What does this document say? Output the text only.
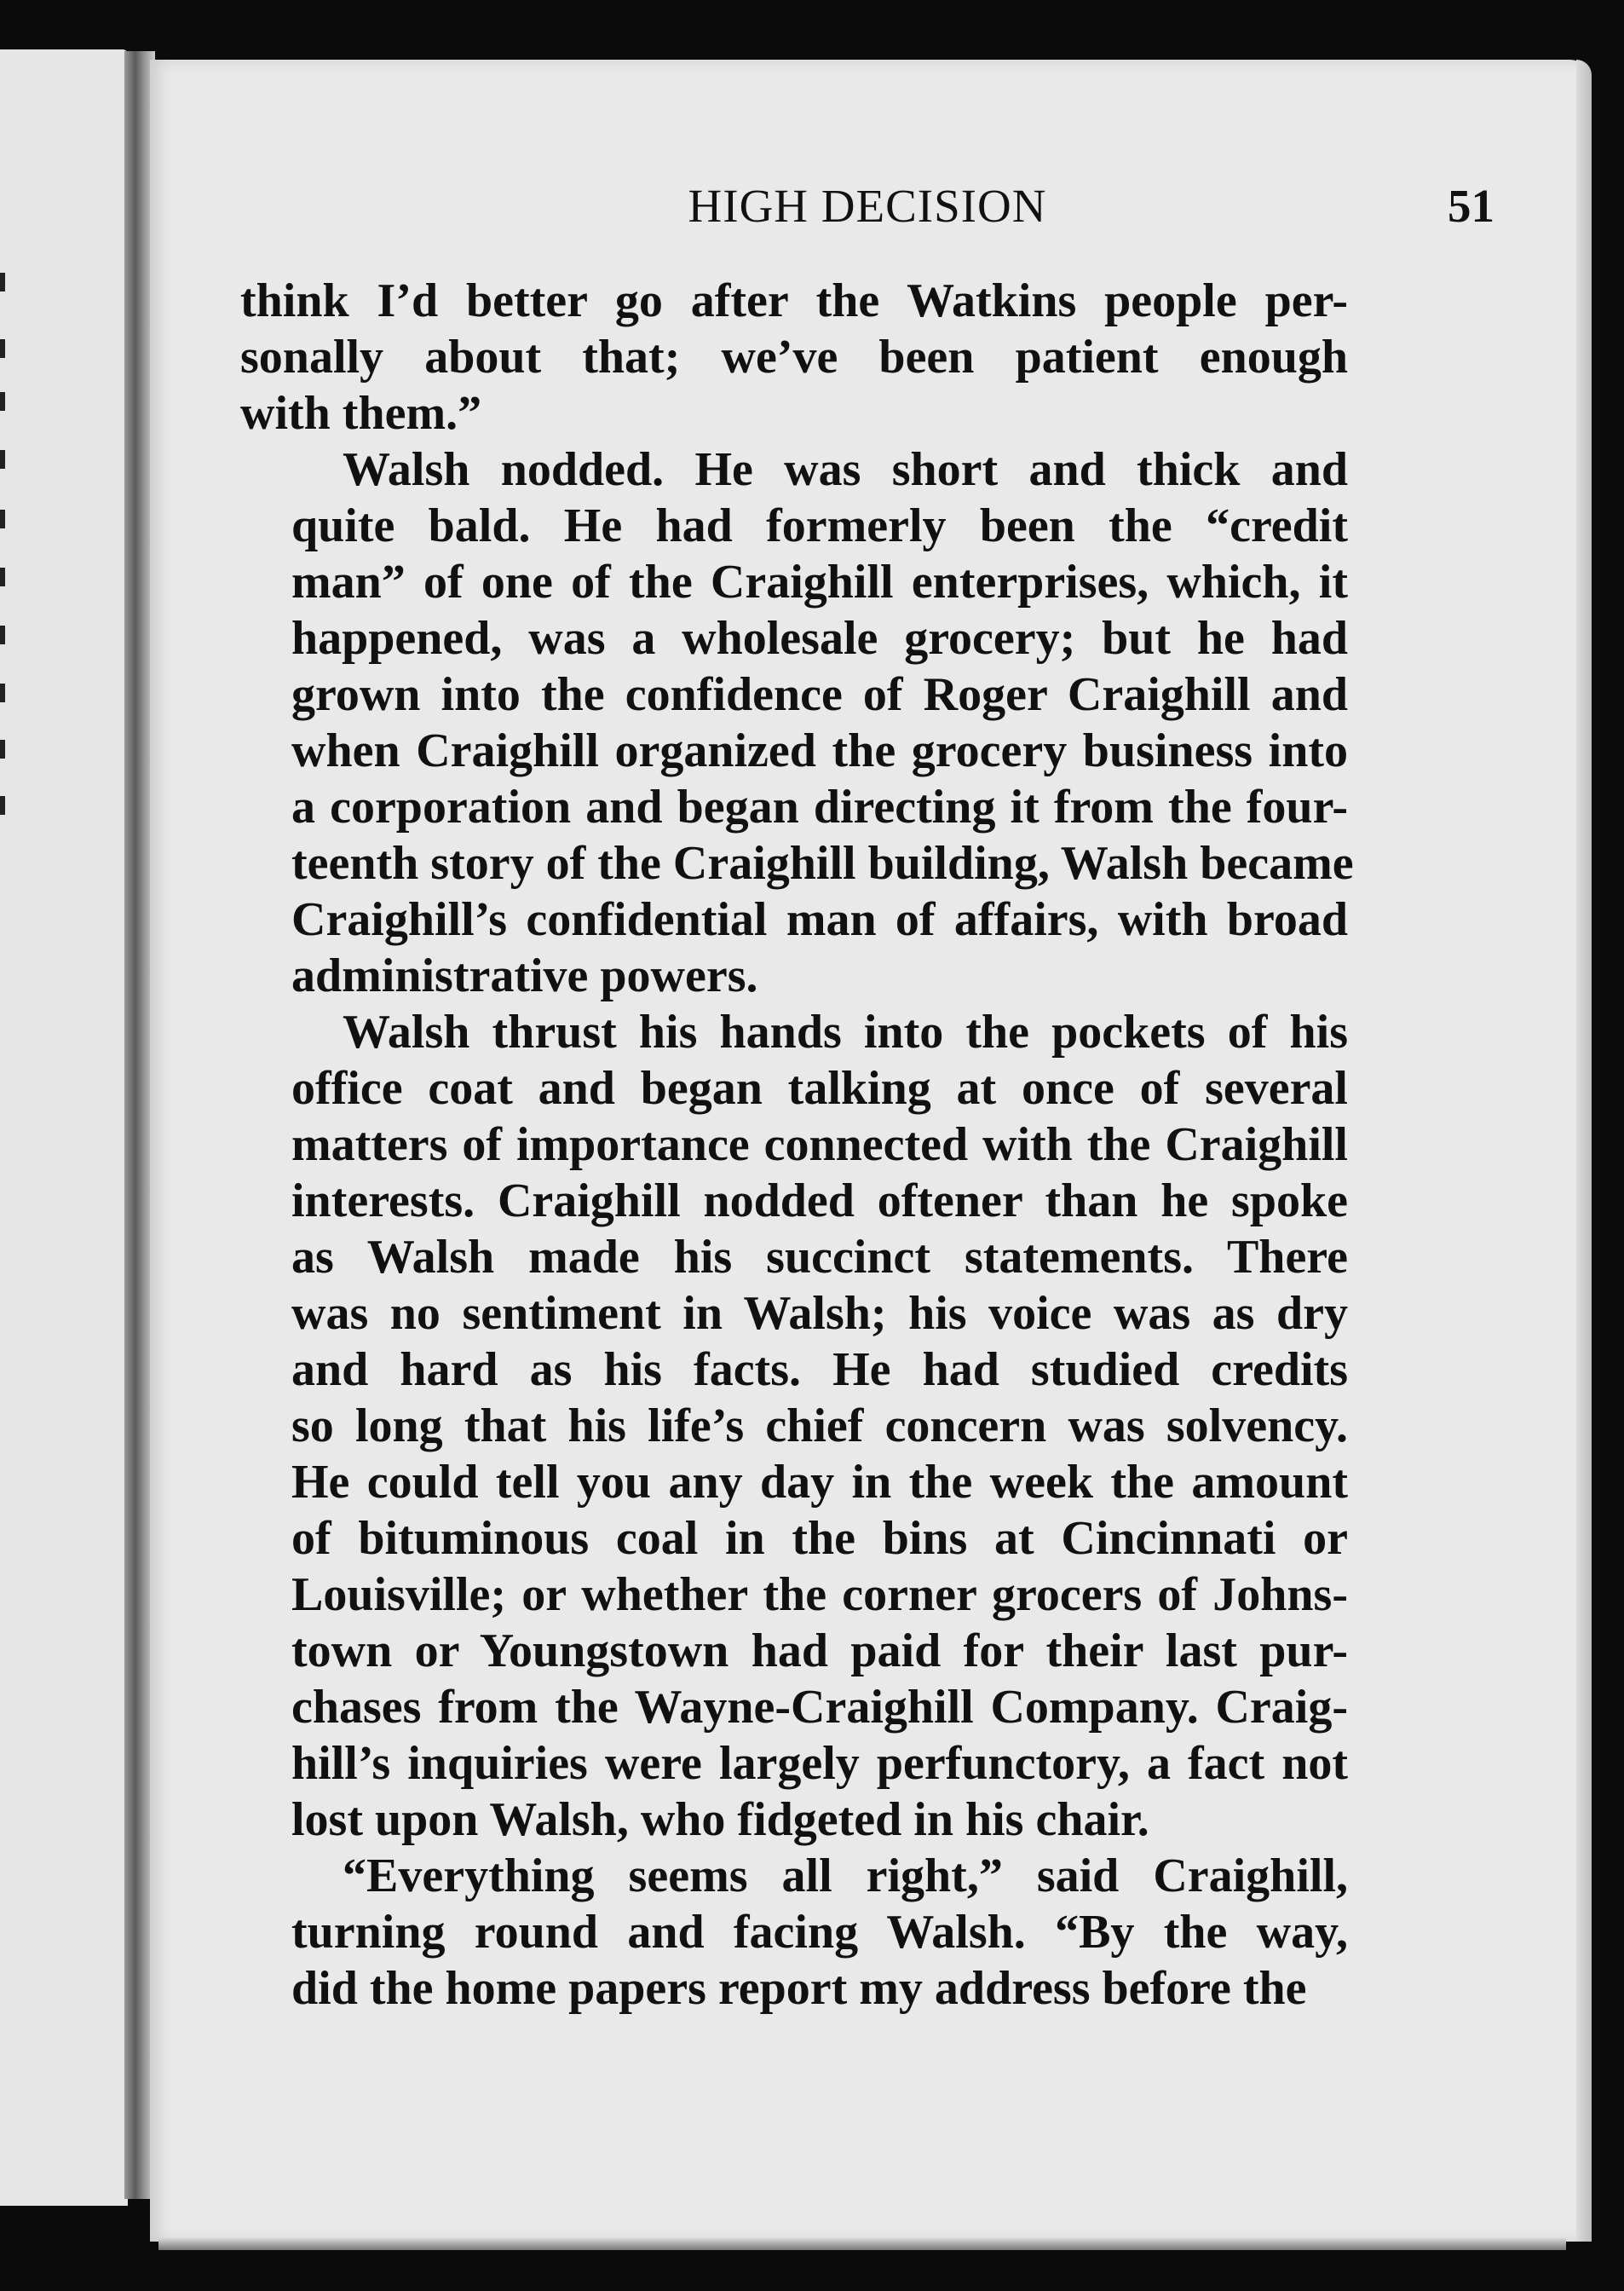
HIGH DECISION	51

think I’d better go after the Watkins people per-
sonally about that; we’ve been patient enough
with them.”

Walsh nodded. He was short and thick and
quite bald. He had formerly been the “credit
man” of one of the Craighill enterprises, which, it
happened, was a wholesale grocery; but he had
grown into the confidence of Roger Craighill and
when Craighill organized the grocery business into
a corporation and began directing it from the four-
teenth story of the Craighill building, Walsh became
Craighill’s confidential man of affairs, with broad
administrative powers.

Walsh thrust his hands into the pockets of his
office coat and began talking at once of several
matters of importance connected with the Craighill
interests. Craighill nodded oftener than he spoke
as Walsh made his succinct statements. There
was no sentiment in Walsh; his voice was as dry
and hard as his facts. He had studied credits
so long that his life’s chief concern was solvency.
He could tell you any day in the week the amount
of bituminous coal in the bins at Cincinnati or
Louisville; or whether the corner grocers of Johns-
town or Youngstown had paid for their last pur-
chases from the Wayne-Craighill Company. Craig-
hill’s inquiries were largely perfunctory, a fact not
lost upon Walsh, who fidgeted in his chair.

“Everything seems all right,” said Craighill,
turning round and facing Walsh. “By the way,
did the home papers report my address before the
